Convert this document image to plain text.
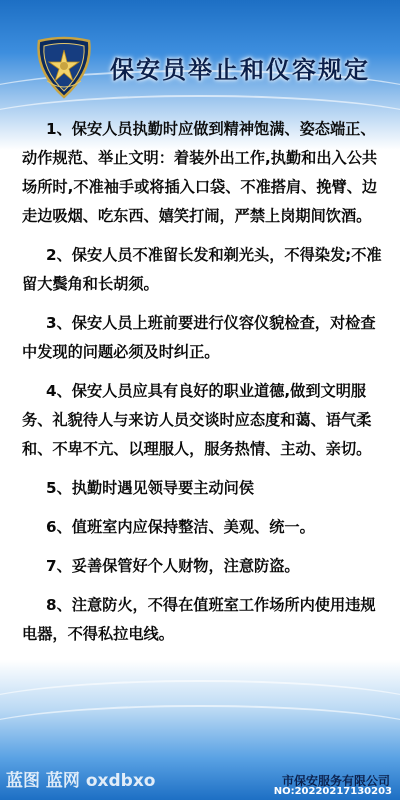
保安员举止和仪容规定

1、保安人员执勤时应做到精神饱满、姿态端正、动作规范、举止文明：着装外出工作,执勤和出入公共场所时,不准袖手或将插入口袋、不准搭肩、挽臂、边走边吸烟、吃东西、嬉笑打闹，严禁上岗期间饮酒。

2、保安人员不准留长发和剃光头，不得染发;不准留大鬓角和长胡须。

3、保安人员上班前要进行仪容仪貌检查，对检查中发现的问题必须及时纠正。

4、保安人员应具有良好的职业道德,做到文明服务、礼貌待人与来访人员交谈时应态度和蔼、语气柔和、不卑不亢、以理服人，服务热情、主动、亲切。

5、执勤时遇见领导要主动问侯

6、值班室内应保持整洁、美观、统一。

7、妥善保管好个人财物，注意防盗。

8、注意防火，不得在值班室工作场所内使用违规电器，不得私拉电线。

蓝图 蓝网 oxdbxo	市保安服务有限公司
NO:20220217130203
